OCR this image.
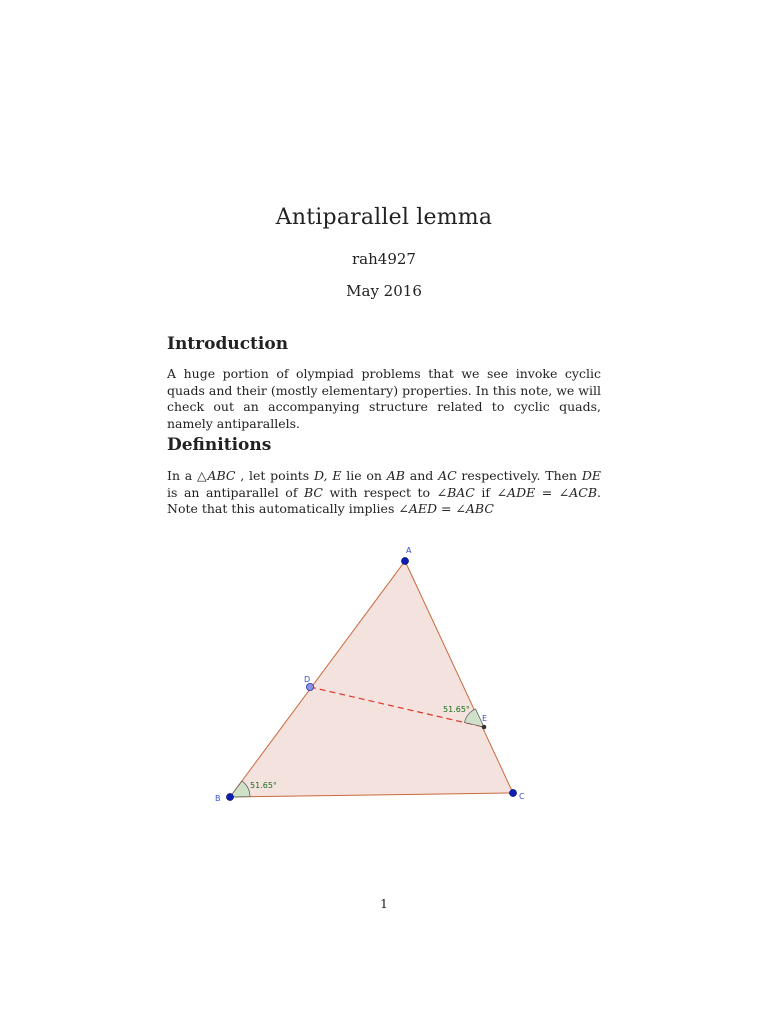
Antiparallel lemma
rah4927
May 2016
Introduction
A huge portion of olympiad problems that we see invoke cyclic quads and their (mostly elementary) properties. In this note, we will check out an accompanying structure related to cyclic quads, namely antiparallels.
Definitions
In a △ABC , let points D, E lie on AB and AC respectively. Then DE is an antiparallel of BC with respect to ∠BAC if ∠ADE = ∠ACB. Note that this automatically implies ∠AED = ∠ABC
51.65°
51.65°
A
B	C
D
E
1
